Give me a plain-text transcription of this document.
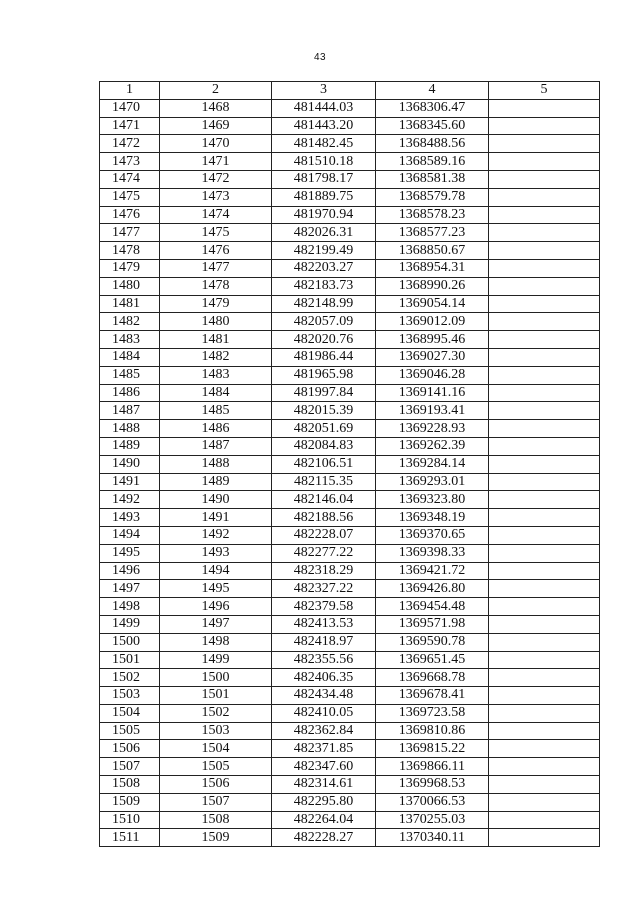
43
1	2	3	4	5
1470	1468	481444.03	1368306.47	
1471	1469	481443.20	1368345.60	
1472	1470	481482.45	1368488.56	
1473	1471	481510.18	1368589.16	
1474	1472	481798.17	1368581.38	
1475	1473	481889.75	1368579.78	
1476	1474	481970.94	1368578.23	
1477	1475	482026.31	1368577.23	
1478	1476	482199.49	1368850.67	
1479	1477	482203.27	1368954.31	
1480	1478	482183.73	1368990.26	
1481	1479	482148.99	1369054.14	
1482	1480	482057.09	1369012.09	
1483	1481	482020.76	1368995.46	
1484	1482	481986.44	1369027.30	
1485	1483	481965.98	1369046.28	
1486	1484	481997.84	1369141.16	
1487	1485	482015.39	1369193.41	
1488	1486	482051.69	1369228.93	
1489	1487	482084.83	1369262.39	
1490	1488	482106.51	1369284.14	
1491	1489	482115.35	1369293.01	
1492	1490	482146.04	1369323.80	
1493	1491	482188.56	1369348.19	
1494	1492	482228.07	1369370.65	
1495	1493	482277.22	1369398.33	
1496	1494	482318.29	1369421.72	
1497	1495	482327.22	1369426.80	
1498	1496	482379.58	1369454.48	
1499	1497	482413.53	1369571.98	
1500	1498	482418.97	1369590.78	
1501	1499	482355.56	1369651.45	
1502	1500	482406.35	1369668.78	
1503	1501	482434.48	1369678.41	
1504	1502	482410.05	1369723.58	
1505	1503	482362.84	1369810.86	
1506	1504	482371.85	1369815.22	
1507	1505	482347.60	1369866.11	
1508	1506	482314.61	1369968.53	
1509	1507	482295.80	1370066.53	
1510	1508	482264.04	1370255.03	
1511	1509	482228.27	1370340.11	
